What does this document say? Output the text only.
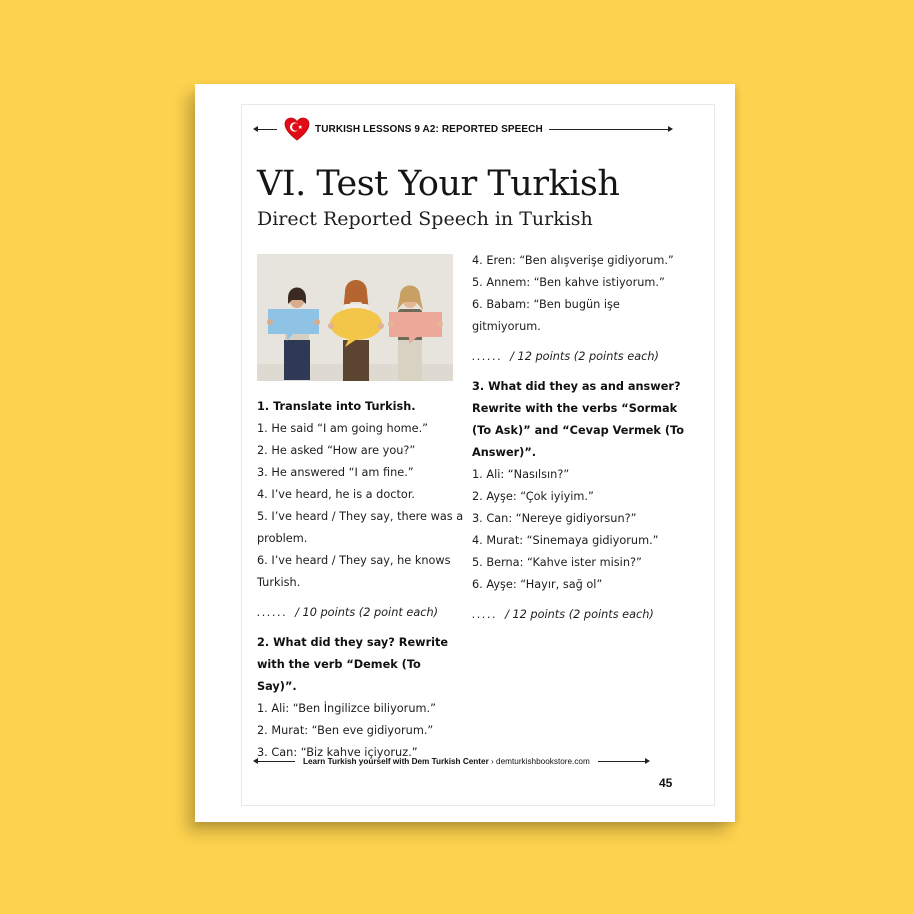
TURKISH LESSONS 9 A2: REPORTED SPEECH
VI. Test Your Turkish
Direct Reported Speech in Turkish
1. Translate into Turkish.
1. He said “I am going home.”
2. He asked “How are you?”
3. He answered “I am fine.”
4. I’ve heard, he is a doctor.
5. I’ve heard / They say, there was a
problem.
6. I’ve heard / They say, he knows
Turkish.
...... / 10 points (2 point each)
2. What did they say? Rewrite
with the verb “Demek (To Say)”.
1. Ali: “Ben İngilizce biliyorum.”
2. Murat: “Ben eve gidiyorum.”
3. Can: “Biz kahve içiyoruz.”
4. Eren: “Ben alışverişe gidiyorum.”
5. Annem: “Ben kahve istiyorum.”
6. Babam: “Ben bugün işe
gitmiyorum.
...... / 12 points (2 points each)
3. What did they as and answer?
Rewrite with the verbs “Sormak
(To Ask)” and “Cevap Vermek (To
Answer)”.
1. Ali: “Nasılsın?”
2. Ayşe: “Çok iyiyim.”
3. Can: “Nereye gidiyorsun?”
4. Murat: “Sinemaya gidiyorum.”
5. Berna: “Kahve ister misin?”
6. Ayşe: “Hayır, sağ ol”
..... / 12 points (2 points each)
Learn Turkish yourself with Dem Turkish Center › demturkishbookstore.com
45
